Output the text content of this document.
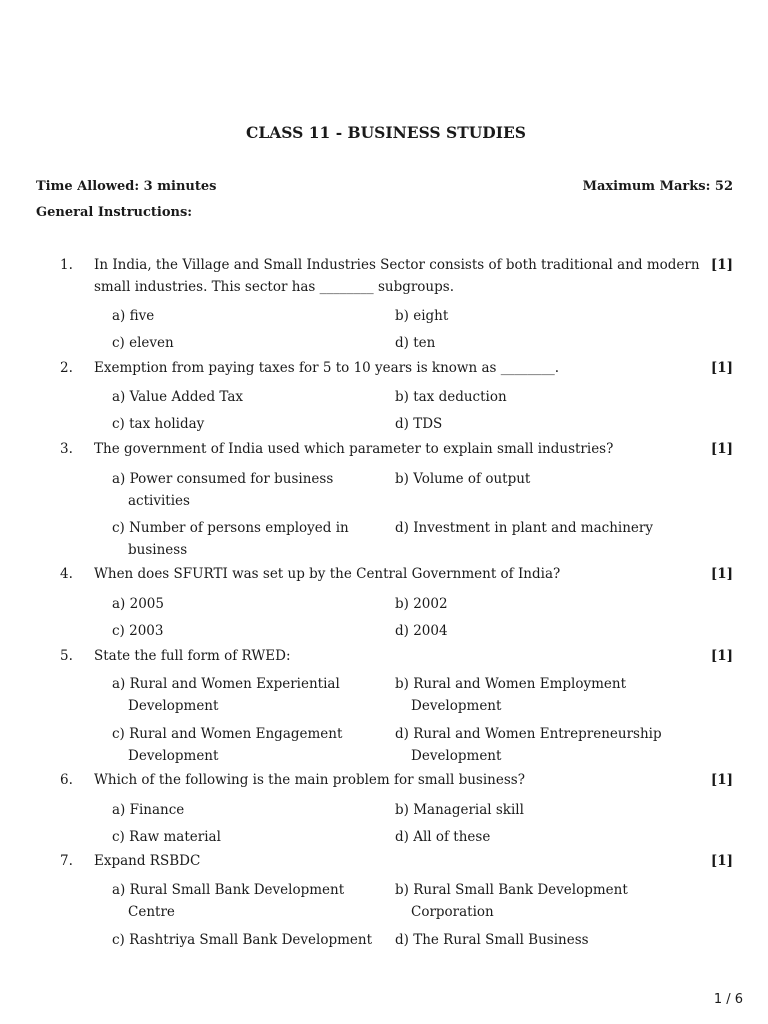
CLASS 11 - BUSINESS STUDIES
Time Allowed: 3 minutes	Maximum Marks: 52
General Instructions:
1. In India, the Village and Small Industries Sector consists of both traditional and modern small industries. This sector has ________ subgroups.
[1]
a) five	b) eight
c) eleven	d) ten
2. Exemption from paying taxes for 5 to 10 years is known as ________.	[1]
a) Value Added Tax	b) tax deduction
c) tax holiday	d) TDS
3. The government of India used which parameter to explain small industries?	[1]
a) Power consumed for business activities
b) Volume of output
c) Number of persons employed in business
d) Investment in plant and machinery
4. When does SFURTI was set up by the Central Government of India?	[1]
a) 2005	b) 2002
c) 2003	d) 2004
5. State the full form of RWED:	[1]
a) Rural and Women Experiential Development
b) Rural and Women Employment Development
c) Rural and Women Engagement Development
d) Rural and Women Entrepreneurship Development
6. Which of the following is the main problem for small business?	[1]
a) Finance	b) Managerial skill
c) Raw material	d) All of these
7. Expand RSBDC	[1]
a) Rural Small Bank Development Centre
b) Rural Small Bank Development Corporation
c) Rashtriya Small Bank Development	d) The Rural Small Business
1 / 6
